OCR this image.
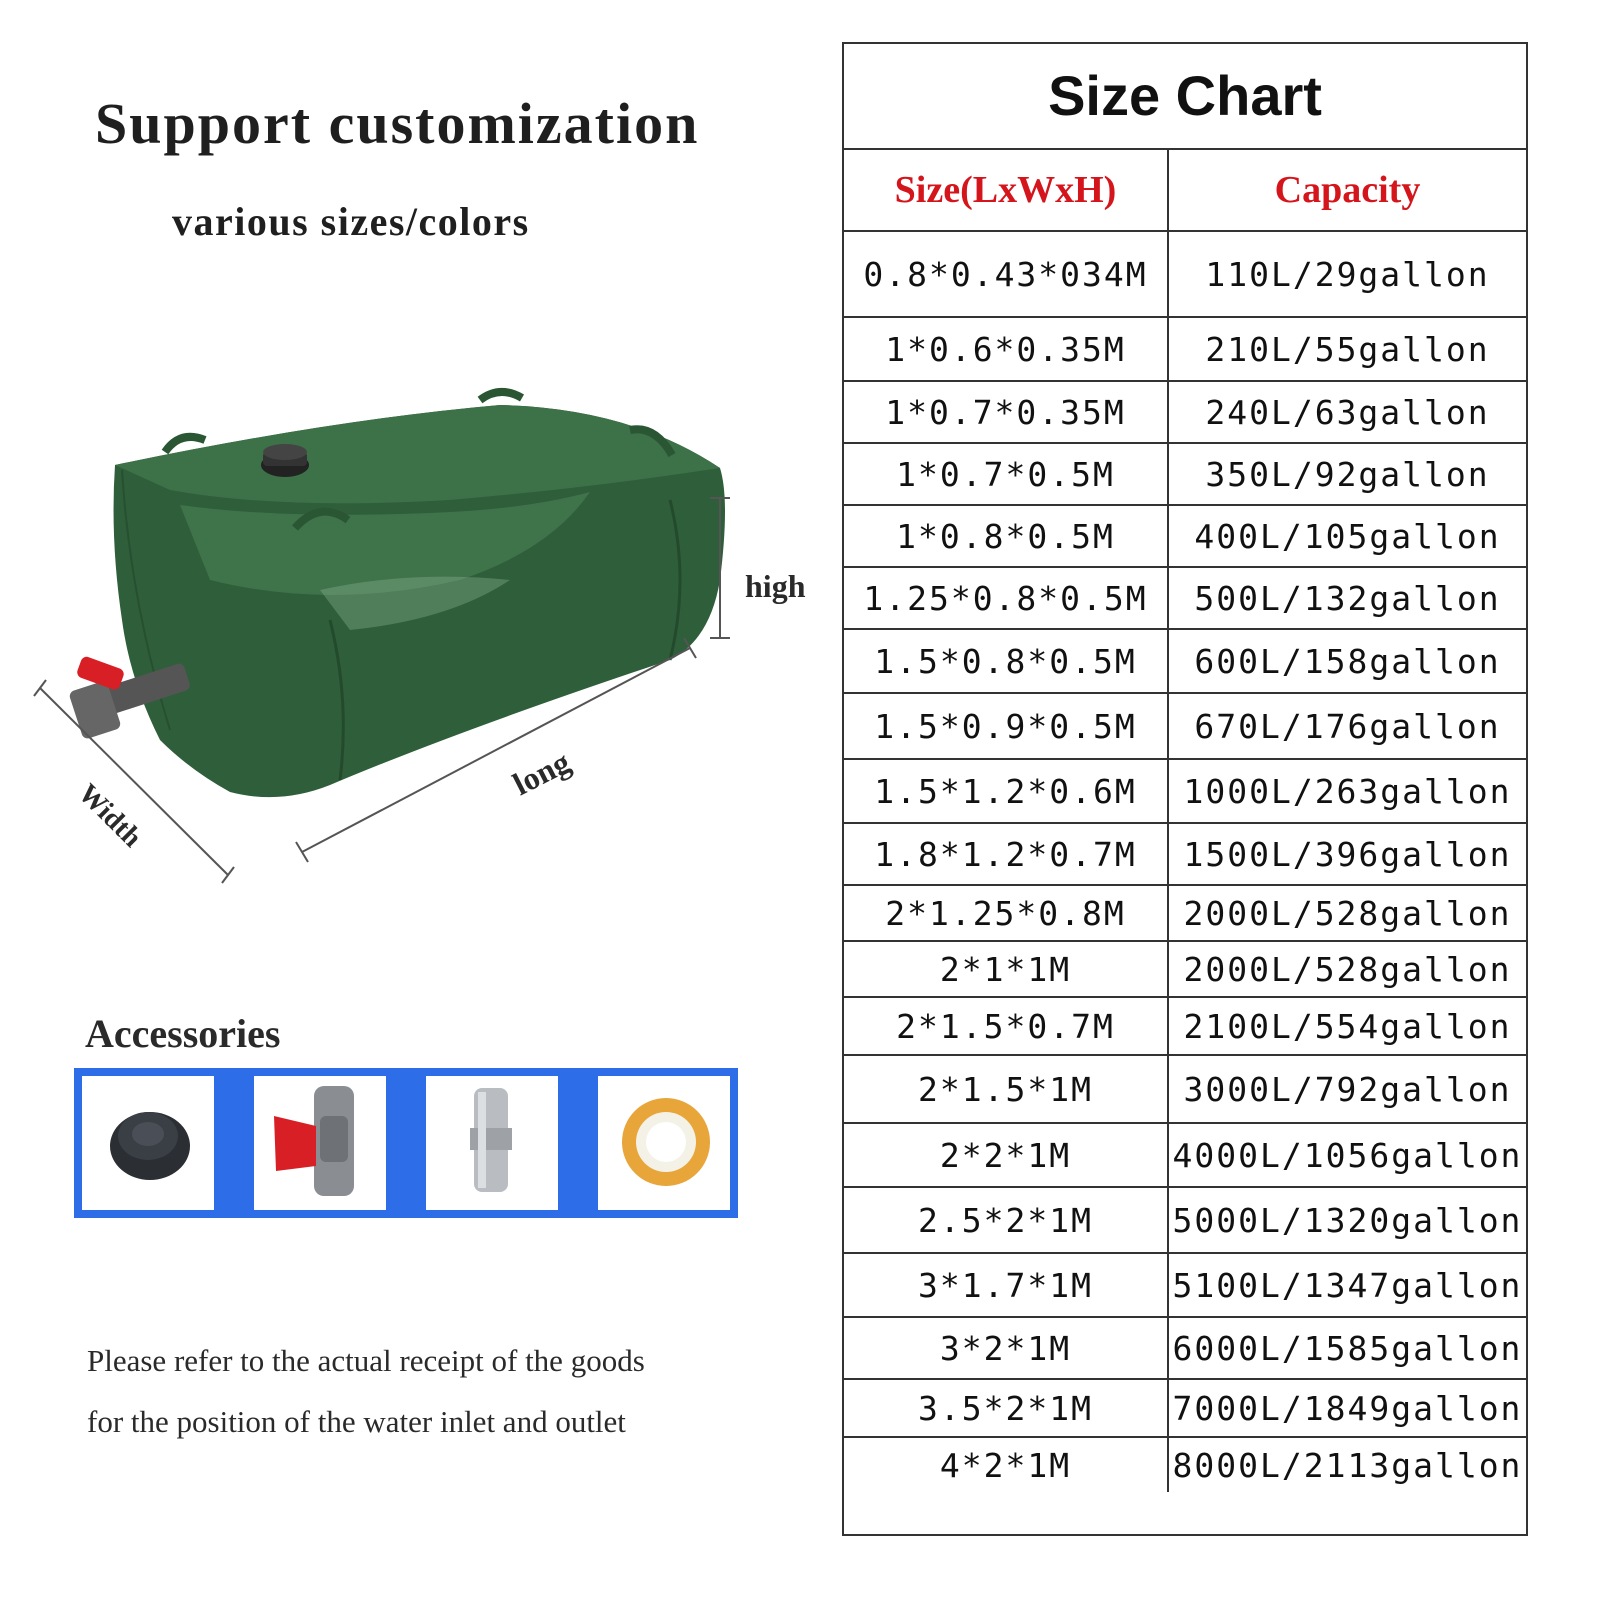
Support customization
various sizes/colors
high
long
Width
Accessories
Please refer to the actual receipt of the goods
for the position of the water inlet and outlet
Size Chart
Size(LxWxH)	Capacity
0.8*0.43*034M	110L/29gallon
1*0.6*0.35M	210L/55gallon
1*0.7*0.35M	240L/63gallon
1*0.7*0.5M	350L/92gallon
1*0.8*0.5M	400L/105gallon
1.25*0.8*0.5M	500L/132gallon
1.5*0.8*0.5M	600L/158gallon
1.5*0.9*0.5M	670L/176gallon
1.5*1.2*0.6M	1000L/263gallon
1.8*1.2*0.7M	1500L/396gallon
2*1.25*0.8M	2000L/528gallon
2*1*1M	2000L/528gallon
2*1.5*0.7M	2100L/554gallon
2*1.5*1M	3000L/792gallon
2*2*1M	4000L/1056gallon
2.5*2*1M	5000L/1320gallon
3*1.7*1M	5100L/1347gallon
3*2*1M	6000L/1585gallon
3.5*2*1M	7000L/1849gallon
4*2*1M	8000L/2113gallon
